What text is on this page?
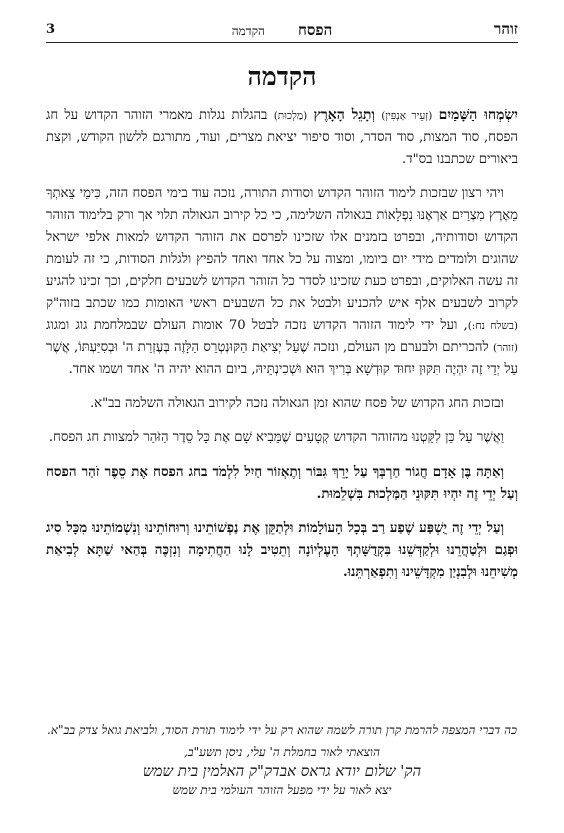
3	הפסח הקדמה	זוהר
הקדמה

יִשְׂמְחוּ הַשָּׁמַיִם (זְעֵיר אַנְפִּין) וְתָגֵל הָאָרֶץ (מַלְכוּת) בהגלות נגלות מאמרי הזוהר הקדוש על חג הפסח, סוד המצות, סוד הסדר, וסוד סיפור יציאת מצרים, ועוד, מתורגם ללשון הקודש, וקצת ביאורים שכתבנו בס"ד.

ויהי רצון שבזכות לימוד הזוהר הקדוש וסודות התורה, נזכה עוד בימי הפסח הזה, כִּימֵי צֵאתְךָ מֵאֶרֶץ מִצְרַיִם אַרְאֶנּוּ נִפְלָאוֹת בגאולה השלימה, כי כל קירוב הגאולה תלוי אך ורק בלימוד הזוהר הקדוש וסודותיה, ובפרט בזמנים אלו שזכינו לפרסם את הזוהר הקדוש למאות אלפי ישראל שהוגים ולומדים מידי יום ביומו, ומצוה על כל אחד ואחד להפיץ ולגלות הסודות, כי זה לעומת זה עשה האלוקים, ובפרט כעת שזכינו לסדר כל הזוהר הקדוש לשבעים חלקים, וכך זכינו להגיע לקרוב לשבעים אלף איש להכניע ולבטל את כל השבעים ראשי האומות כמו שכתב בזוה"ק (בשלח נח:), ועל ידי לימוד הזוהר הקדוש נזכה לבטל 70 אומות העולם שבמלחמת גוג ומגוג (זוהר) להכריתם ולבערם מן העולם, ונזכה שֶׁעַל יְצִיאַת הַקּוּנְטְרֵס הַלָּזֶה בְּעֶזְרַת ה' וּבְסִיַּעְתּוֹ, אֲשֶׁר עַל יְדֵי זֶה יִהְיֶה תִּקּוּן יִחוּד קוּדְשָׁא בְּרִיךְ הוּא וּשְׁכִינְתֵּיהּ, ביום ההוא יהיה ה' אחד ושמו אחד.

ובזכות החג הקדוש של פסח שהוא זמן הגאולה נזכה לקירוב הגאולה השלמה בב"א.

וַאֲשֶׁר עַל כֵּן לִקַּטְנוּ מהזוהר הקדוש קְטָעִים שֶׁמֵּבִיא שָׁם אֶת כָּל סֵדֶר הַזֹּהַר למצוות חג הפסח.

וְאַתָּה בֶּן אָדָם חֲגוֹר חַרְבְּךָ עַל יָרֵךְ גִּבּוֹר וְתֶאְזוֹר חַיִל לִלְמֹד בחג הפסח אֶת סֵפֶר זֹהַר הפסח וְעַל יְדֵי זֶה יִהְיוּ תִּקּוּנֵי הַמַּלְכוּת בִּשְׁלֵמוּת.

וְעַל יְדֵי זֶה יֻשְׁפַּע שֶׁפַע רַב בְּכָל הָעוֹלָמוֹת וּלְתַקֵּן אֶת נַפְשׁוֹתֵינוּ וְרוּחוֹתֵינוּ וְנִשְׁמוֹתֵינוּ מִכָּל סִיג וּפְגַם וּלְטַהֲרֵנוּ וּלְקַדְּשֵׁנוּ בִּקְדֻשָּׁתְךָ הָעֶלְיוֹנָה וְתֵטִיב לָנוּ הַחֲתִימָה וְנִזְכֶּה בְּהַאי שַׁתָּא לְבִיאַת מְשִׁיחֵנוּ וּלְבִנְיַן מִקְדָּשֵׁינוּ וְתִפְאַרְתֵּנוּ.

כה דברי המצפה להרמת קרן תורה לשמה שהוא רק על ידי לימוד תורת הסוד, ולביאת גואל צדק בב"א.
הוצאתי לאור בחמלת ה' עלי, ניסן תשע"ב,
הק' שלום יודא גראס אבדק"ק האלמין בית שמש
יצא לאור על ידי מפעל הזוהר העולמי בית שמש
